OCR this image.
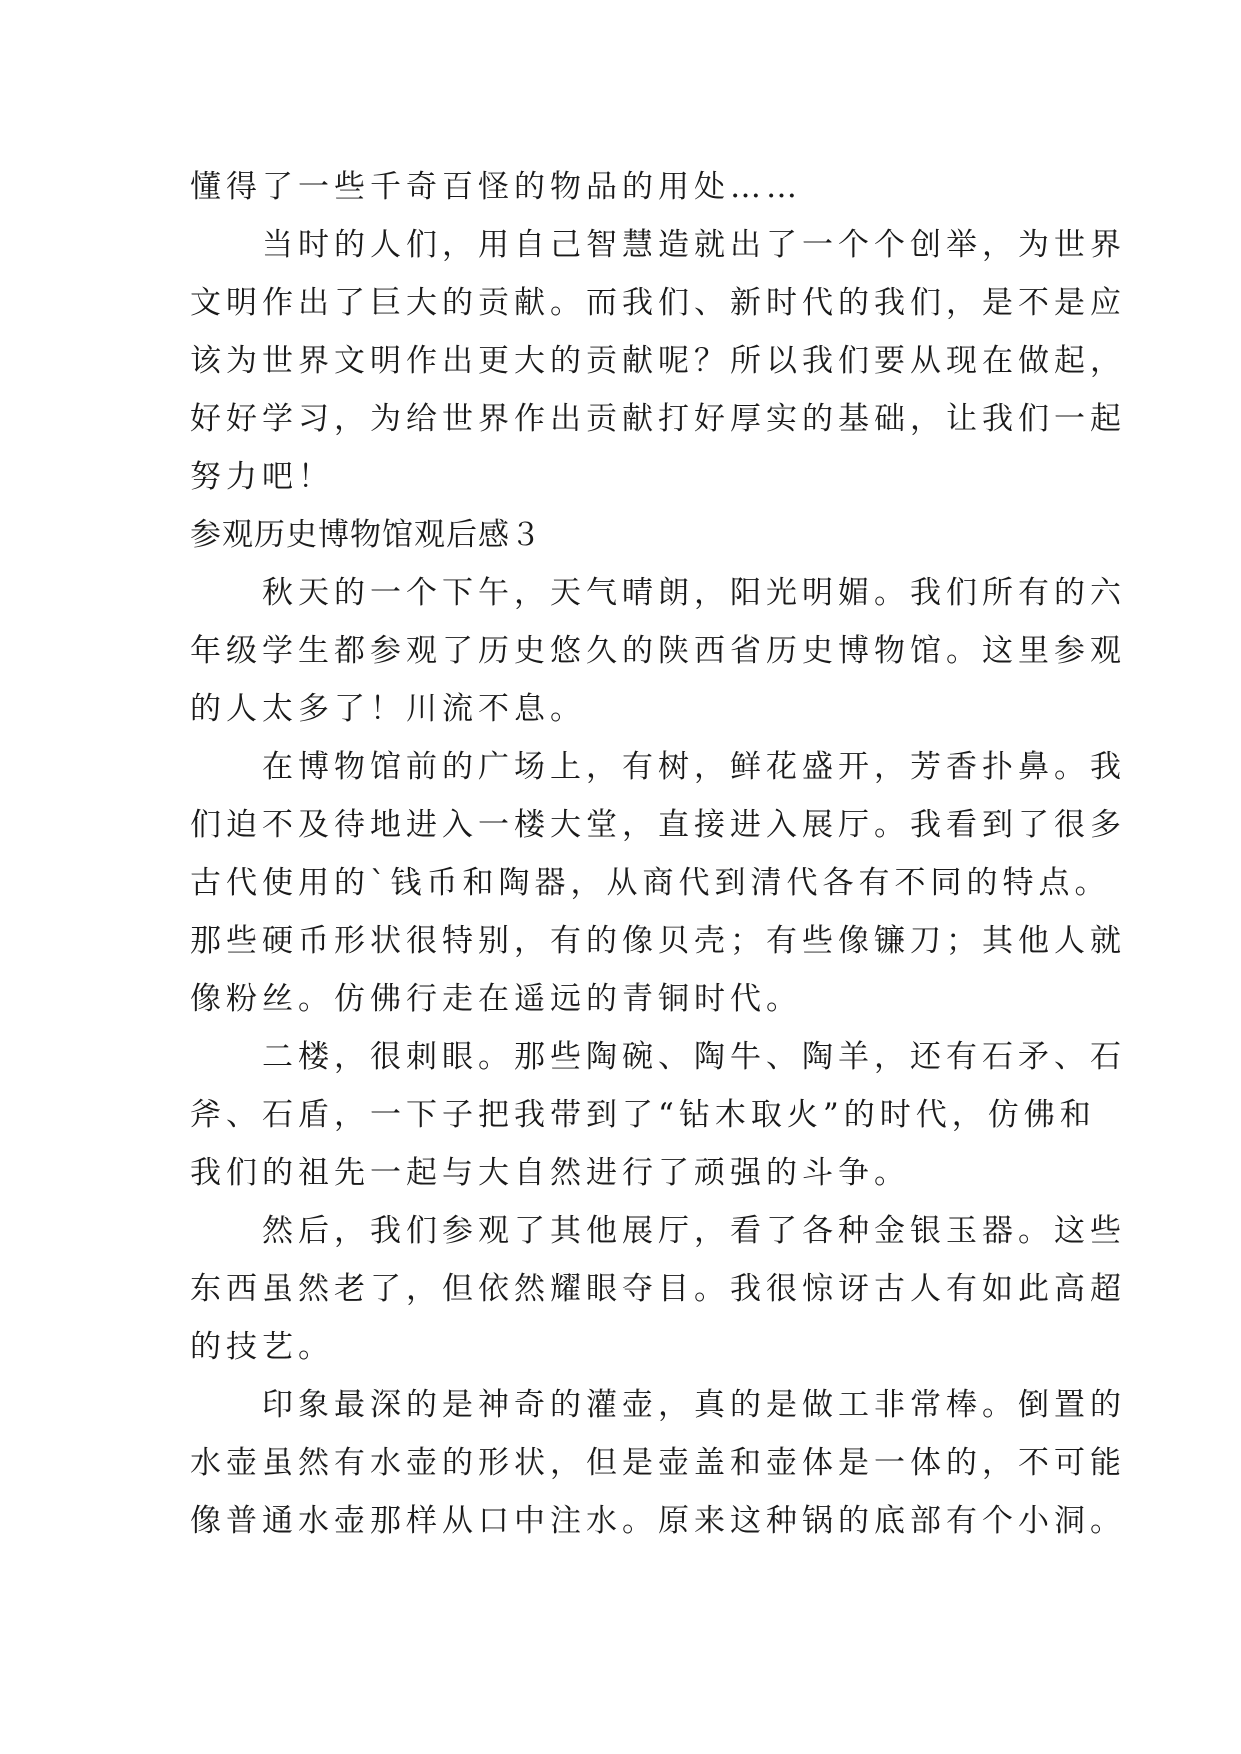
懂得了一些千奇百怪的物品的用处……
当时的人们，用自己智慧造就出了一个个创举，为世界
文明作出了巨大的贡献。而我们、新时代的我们，是不是应
该为世界文明作出更大的贡献呢？所以我们要从现在做起，
好好学习，为给世界作出贡献打好厚实的基础，让我们一起
努力吧！
参观历史博物馆观后感３
秋天的一个下午，天气晴朗，阳光明媚。我们所有的六
年级学生都参观了历史悠久的陕西省历史博物馆。这里参观
的人太多了！川流不息。
在博物馆前的广场上，有树，鲜花盛开，芳香扑鼻。我
们迫不及待地进入一楼大堂，直接进入展厅。我看到了很多
古代使用的`钱币和陶器，从商代到清代各有不同的特点。
那些硬币形状很特别，有的像贝壳；有些像镰刀；其他人就
像粉丝。仿佛行走在遥远的青铜时代。
二楼，很刺眼。那些陶碗、陶牛、陶羊，还有石矛、石
斧、石盾，一下子把我带到了“钻木取火”的时代，仿佛和
我们的祖先一起与大自然进行了顽强的斗争。
然后，我们参观了其他展厅，看了各种金银玉器。这些
东西虽然老了，但依然耀眼夺目。我很惊讶古人有如此高超
的技艺。
印象最深的是神奇的灌壶，真的是做工非常棒。倒置的
水壶虽然有水壶的形状，但是壶盖和壶体是一体的，不可能
像普通水壶那样从口中注水。原来这种锅的底部有个小洞。
